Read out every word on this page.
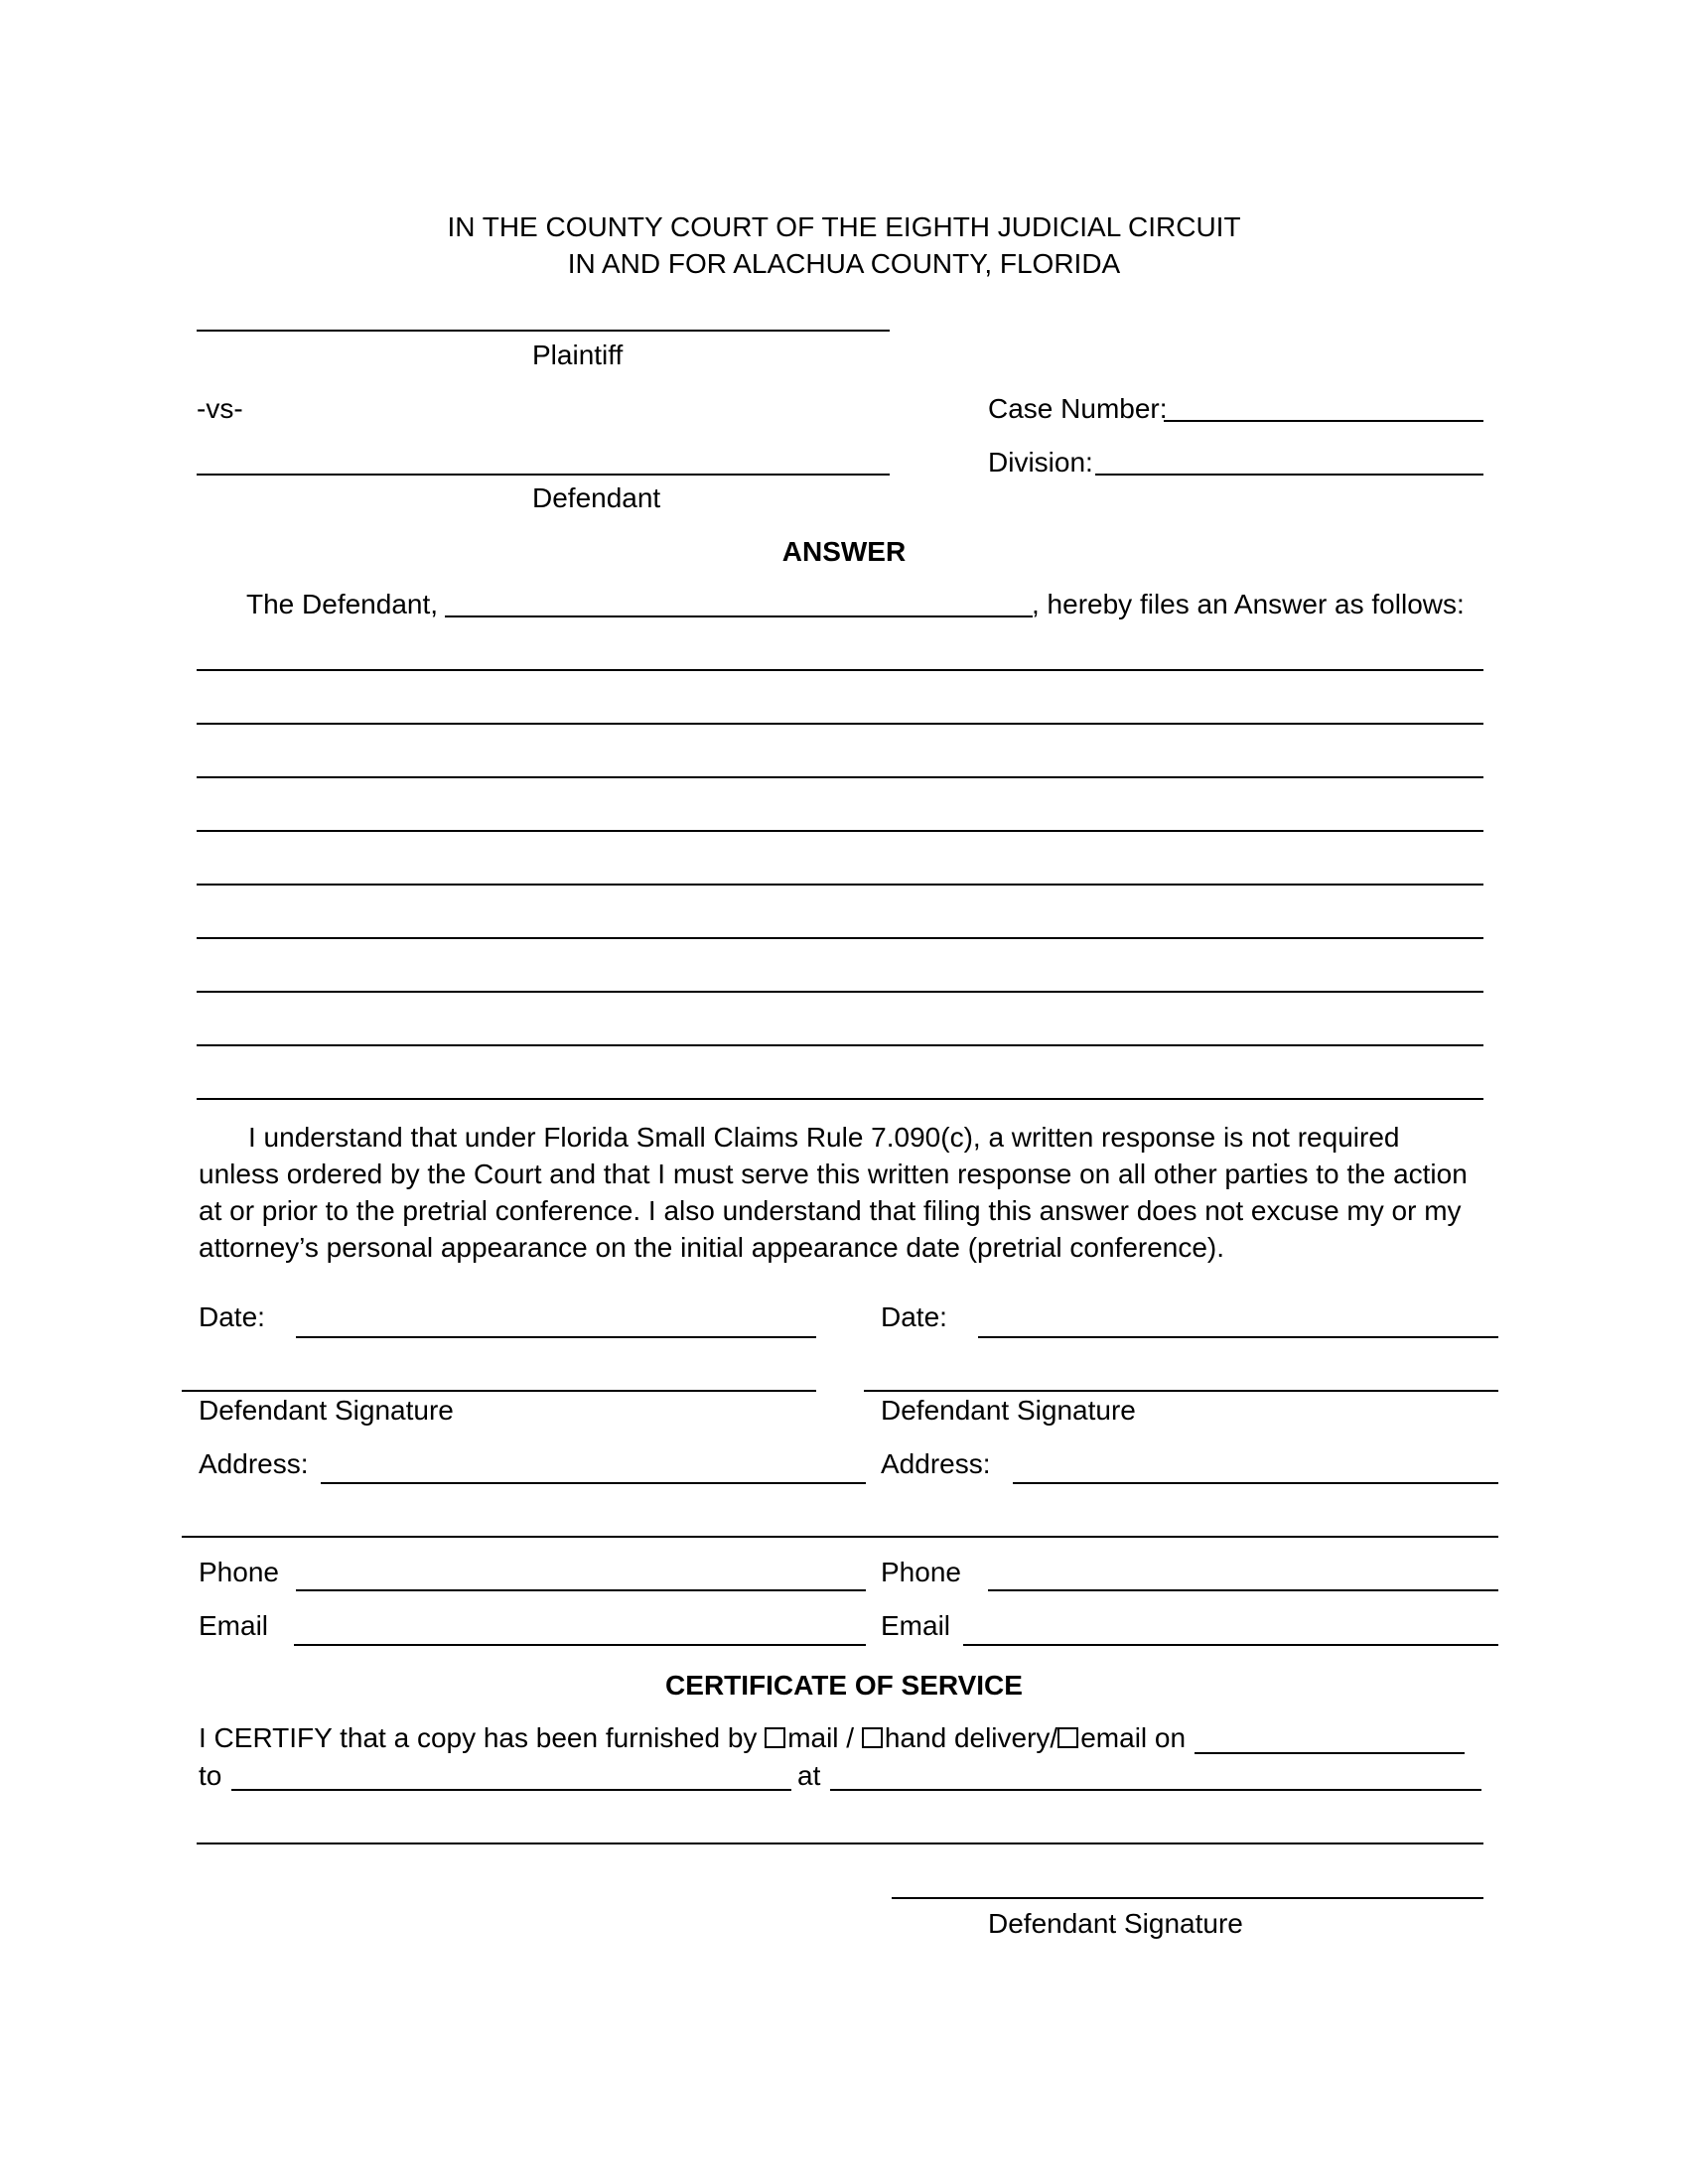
IN THE COUNTY COURT OF THE EIGHTH JUDICIAL CIRCUIT
IN AND FOR ALACHUA COUNTY, FLORIDA
Plaintiff
-vs-
Defendant
Case Number:
Division:
ANSWER
The Defendant,	, hereby files an Answer as follows:
I understand that under Florida Small Claims Rule 7.090(c), a written response is not required unless ordered by the Court and that I must serve this written response on all other parties to the action at or prior to the pretrial conference. I also understand that filing this answer does not excuse my or my attorney’s personal appearance on the initial appearance date (pretrial conference).
Date:
Defendant Signature
Address:
Phone
Email
Date:
Defendant Signature
Address:
Phone
Email
CERTIFICATE OF SERVICE
I CERTIFY that a copy has been furnished by mail / hand delivery/ email on
to	at
Defendant Signature
